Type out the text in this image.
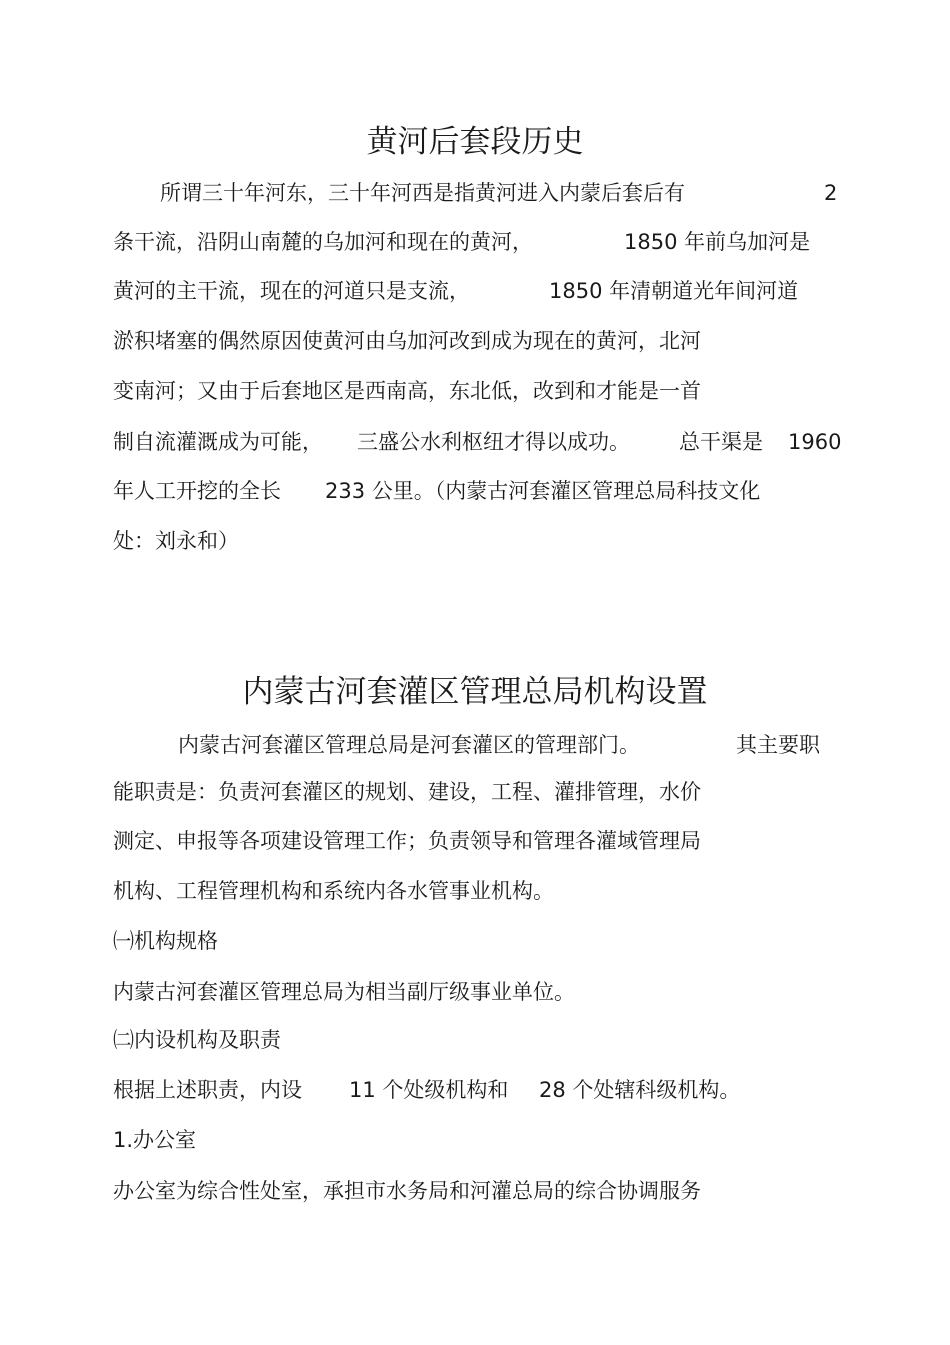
黄河后套段历史
所谓三十年河东，三十年河西是指黄河进入内蒙后套后有	2
条干流，沿阴山南麓的乌加河和现在的黄河，	1850 年前乌加河是
黄河的主干流，现在的河道只是支流，	1850 年清朝道光年间河道
淤积堵塞的偶然原因使黄河由乌加河改到成为现在的黄河，北河
变南河；又由于后套地区是西南高，东北低，改到和才能是一首
制自流灌溉成为可能， 三盛公水利枢纽才得以成功。 总干渠是 1960
年人工开挖的全长 233 公里。（内蒙古河套灌区管理总局科技文化
处：刘永和）
内蒙古河套灌区管理总局机构设置
内蒙古河套灌区管理总局是河套灌区的管理部门。	其主要职
能职责是：负责河套灌区的规划、建设，工程、灌排管理，水价
测定、申报等各项建设管理工作；负责领导和管理各灌域管理局
机构、工程管理机构和系统内各水管事业机构。
㈠机构规格
内蒙古河套灌区管理总局为相当副厅级事业单位。
㈡内设机构及职责
根据上述职责，内设 11 个处级机构和 28 个处辖科级机构。
1.办公室
办公室为综合性处室，承担市水务局和河灌总局的综合协调服务
